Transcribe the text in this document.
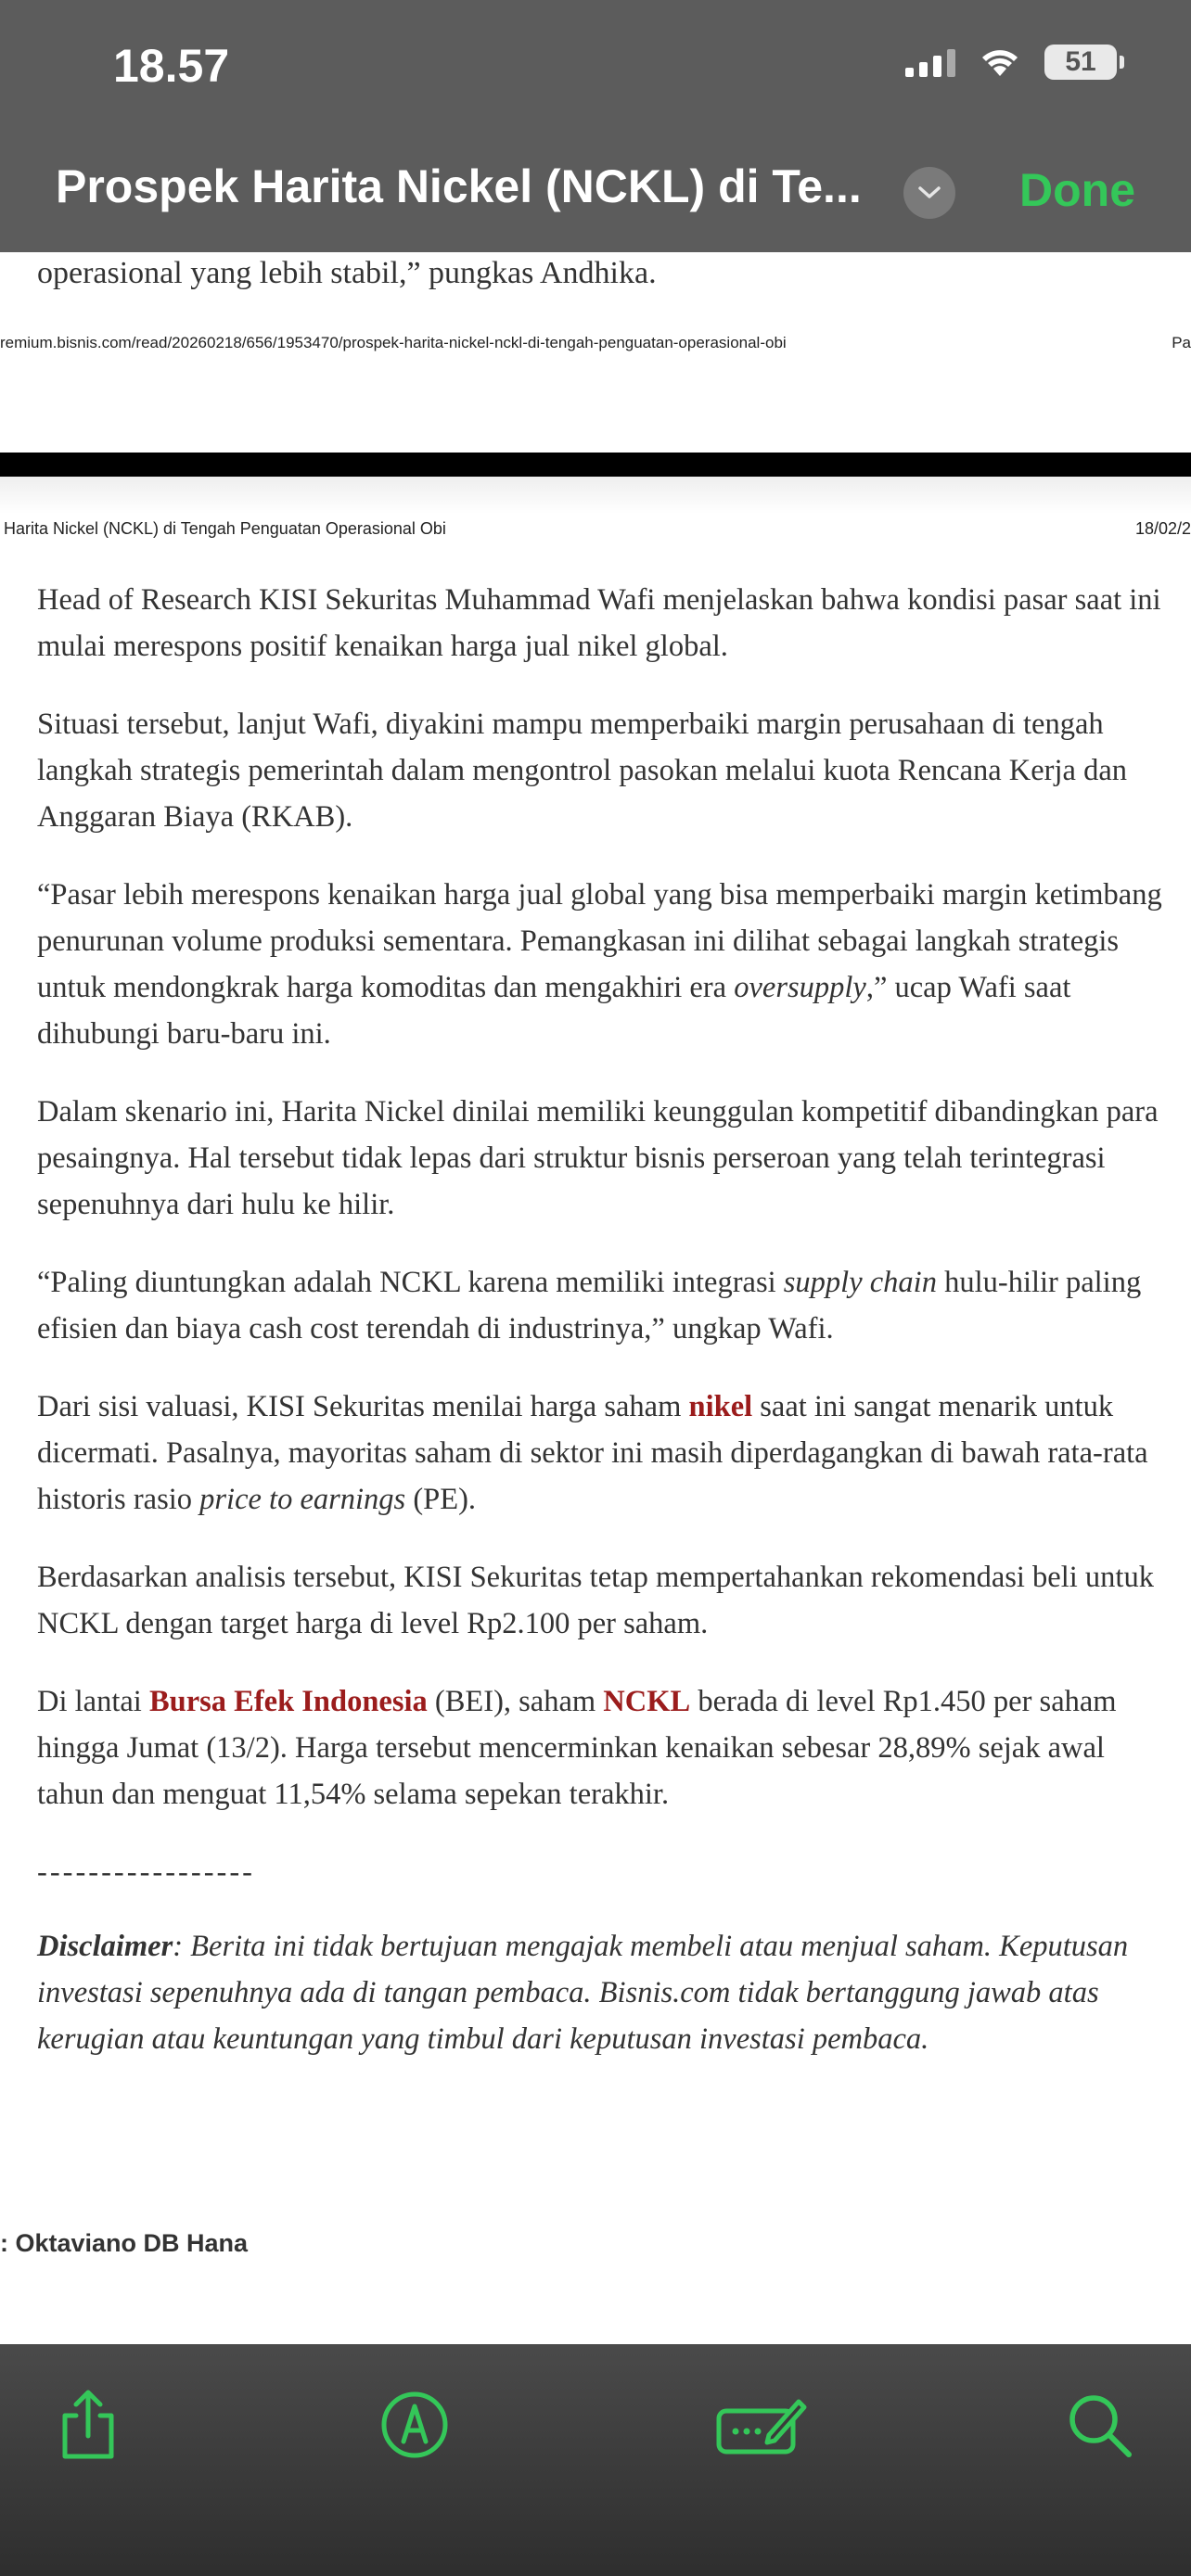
18.57	51
Prospek Harita Nickel (NCKL) di Te...	Done
operasional yang lebih stabil,” pungkas Andhika.
remium.bisnis.com/read/20260218/656/1953470/prospek-harita-nickel-nckl-di-tengah-penguatan-operasional-obi	Pa
Harita Nickel (NCKL) di Tengah Penguatan Operasional Obi	18/02/2

Head of Research KISI Sekuritas Muhammad Wafi menjelaskan bahwa kondisi pasar saat ini mulai merespons positif kenaikan harga jual nikel global.

Situasi tersebut, lanjut Wafi, diyakini mampu memperbaiki margin perusahaan di tengah langkah strategis pemerintah dalam mengontrol pasokan melalui kuota Rencana Kerja dan Anggaran Biaya (RKAB).

“Pasar lebih merespons kenaikan harga jual global yang bisa memperbaiki margin ketimbang penurunan volume produksi sementara. Pemangkasan ini dilihat sebagai langkah strategis untuk mendongkrak harga komoditas dan mengakhiri era oversupply,” ucap Wafi saat dihubungi baru-baru ini.

Dalam skenario ini, Harita Nickel dinilai memiliki keunggulan kompetitif dibandingkan para pesaingnya. Hal tersebut tidak lepas dari struktur bisnis perseroan yang telah terintegrasi sepenuhnya dari hulu ke hilir.

“Paling diuntungkan adalah NCKL karena memiliki integrasi supply chain hulu-hilir paling efisien dan biaya cash cost terendah di industrinya,” ungkap Wafi.

Dari sisi valuasi, KISI Sekuritas menilai harga saham nikel saat ini sangat menarik untuk dicermati. Pasalnya, mayoritas saham di sektor ini masih diperdagangkan di bawah rata-rata historis rasio price to earnings (PE).

Berdasarkan analisis tersebut, KISI Sekuritas tetap mempertahankan rekomendasi beli untuk NCKL dengan target harga di level Rp2.100 per saham.

Di lantai Bursa Efek Indonesia (BEI), saham NCKL berada di level Rp1.450 per saham hingga Jumat (13/2). Harga tersebut mencerminkan kenaikan sebesar 28,89% sejak awal tahun dan menguat 11,54% selama sepekan terakhir.

-----------------

Disclaimer: Berita ini tidak bertujuan mengajak membeli atau menjual saham. Keputusan investasi sepenuhnya ada di tangan pembaca. Bisnis.com tidak bertanggung jawab atas kerugian atau keuntungan yang timbul dari keputusan investasi pembaca.

: Oktaviano DB Hana
